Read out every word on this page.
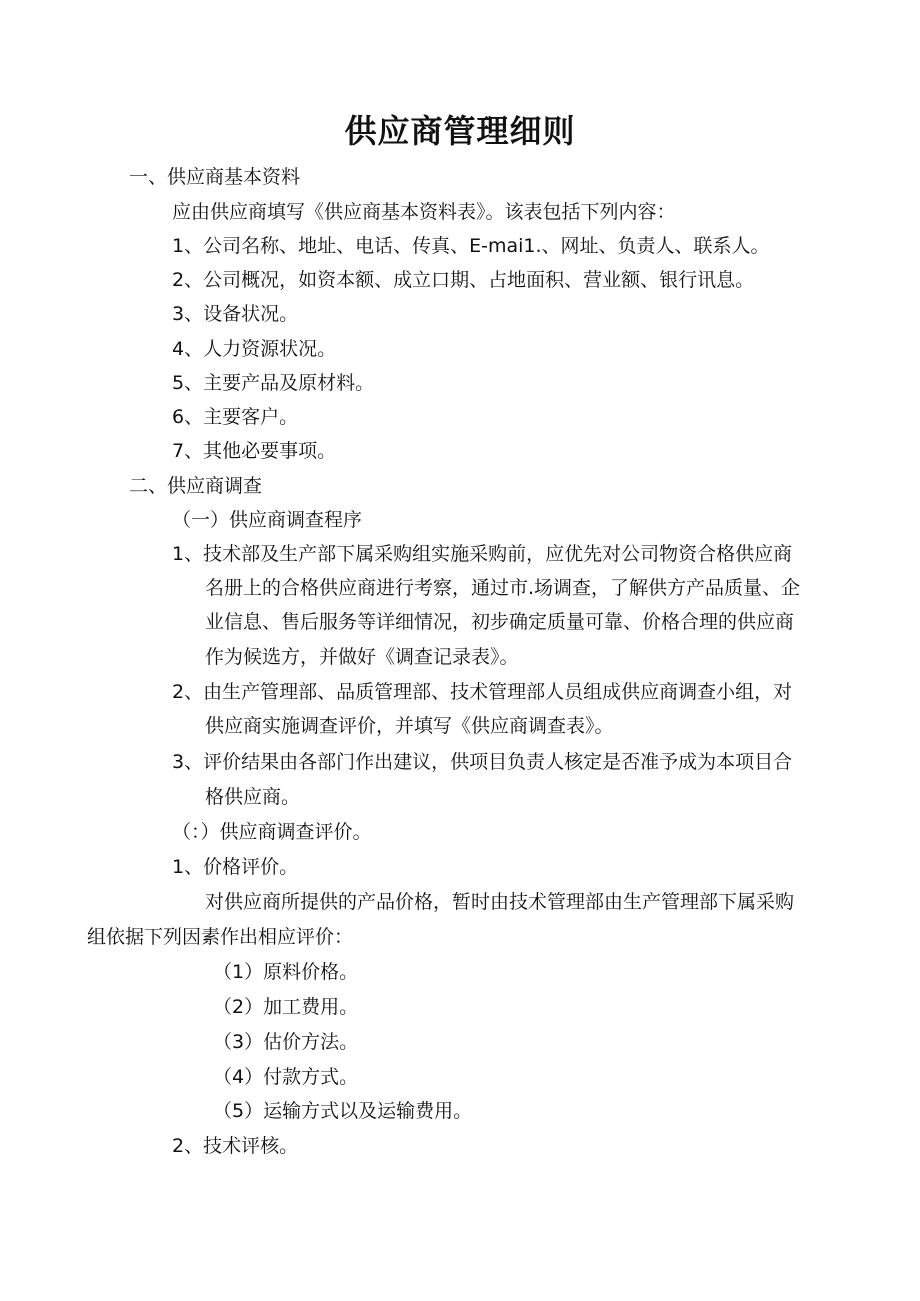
供应商管理细则
一、供应商基本资料
应由供应商填写《供应商基本资料表》。该表包括下列内容：
1、公司名称、地址、电话、传真、E-mai1.、网址、负责人、联系人。
2、公司概况，如资本额、成立口期、占地面积、营业额、银行讯息。
3、设备状况。
4、人力资源状况。
5、主要产品及原材料。
6、主要客户。
7、其他必要事项。
二、供应商调查
（一）供应商调查程序
1、技术部及生产部下属采购组实施采购前，应优先对公司物资合格供应商
名册上的合格供应商进行考察，通过市.场调查，了解供方产品质量、企
业信息、售后服务等详细情况，初步确定质量可靠、价格合理的供应商
作为候选方，并做好《调查记录表》。
2、由生产管理部、品质管理部、技术管理部人员组成供应商调查小组，对
供应商实施调查评价，并填写《供应商调查表》。
3、评价结果由各部门作出建议，供项目负责人核定是否准予成为本项目合
格供应商。
（：）供应商调查评价。
1、价格评价。
对供应商所提供的产品价格，暂时由技术管理部由生产管理部下属采购
组依据下列因素作出相应评价：
（1）原料价格。
（2）加工费用。
（3）估价方法。
（4）付款方式。
（5）运输方式以及运输费用。
2、技术评核。
